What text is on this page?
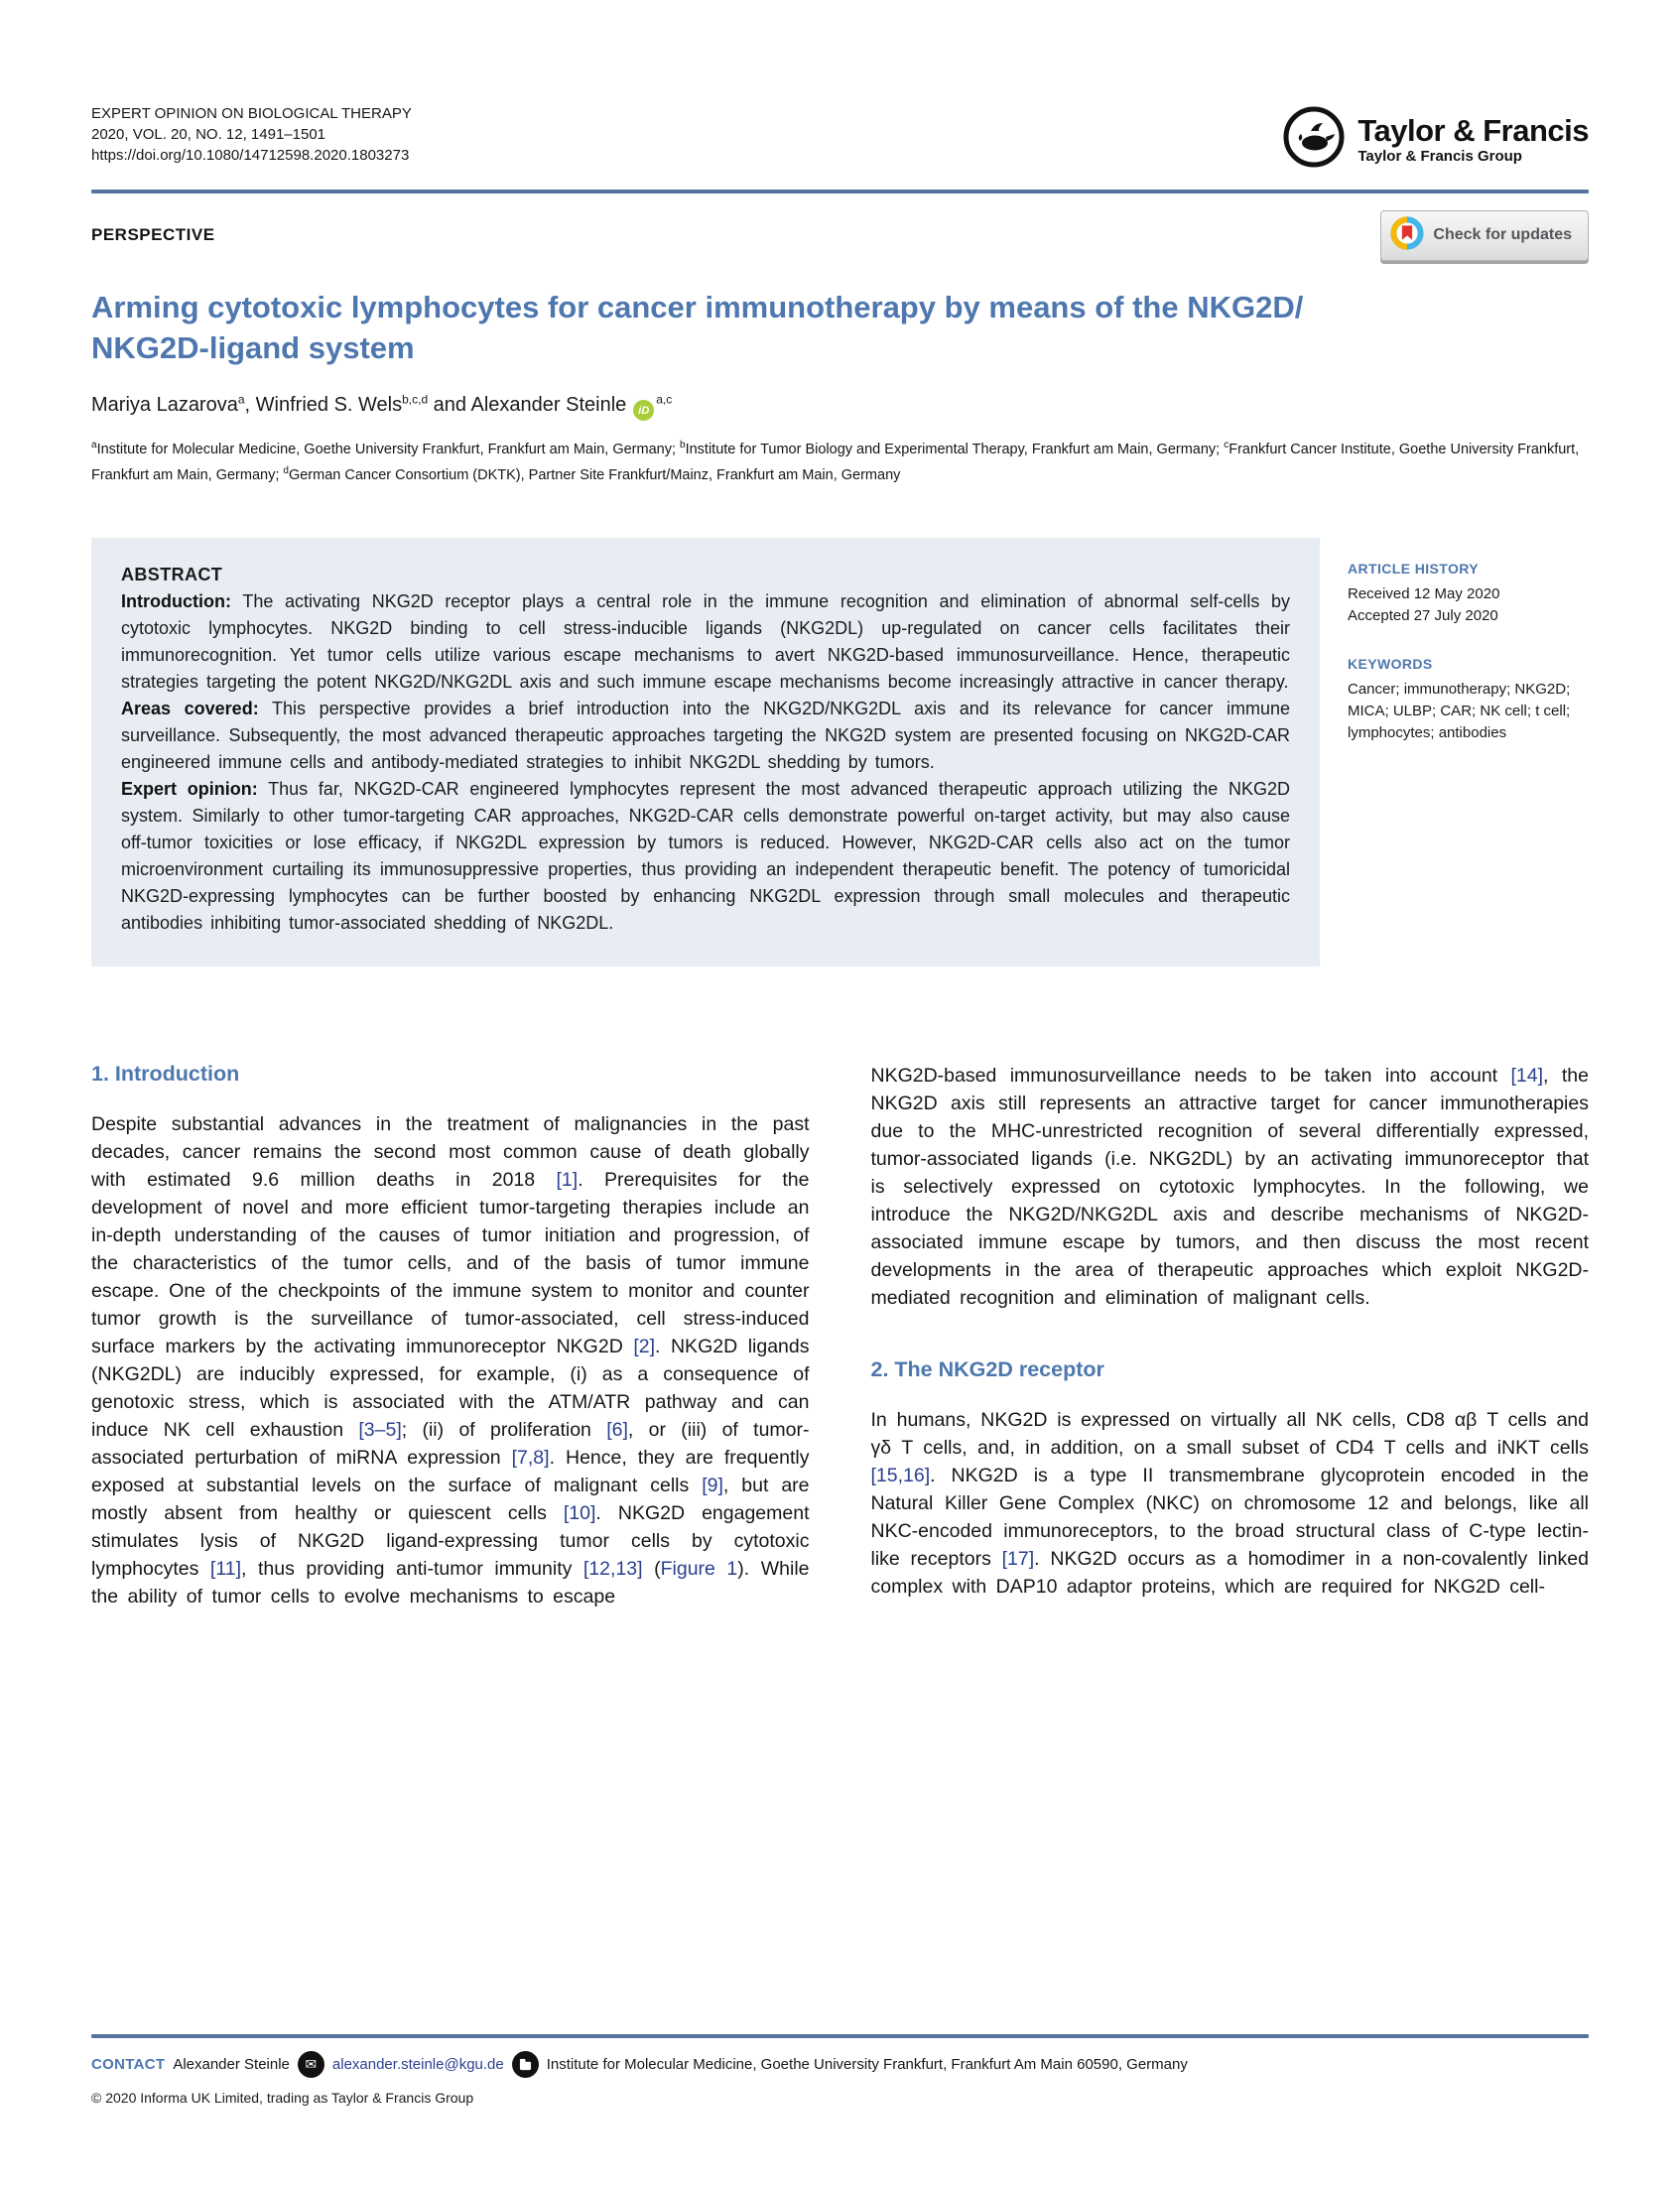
EXPERT OPINION ON BIOLOGICAL THERAPY
2020, VOL. 20, NO. 12, 1491–1501
https://doi.org/10.1080/14712598.2020.1803273
Taylor & Francis
Taylor & Francis Group
PERSPECTIVE	Check for updates
Arming cytotoxic lymphocytes for cancer immunotherapy by means of the NKG2D/
NKG2D-ligand system
Mariya Lazarova$^a$, Winfried S. Wels$^{b,c,d}$ and Alexander Steinle iD$^{a,c}$

$^a$Institute for Molecular Medicine, Goethe University Frankfurt, Frankfurt am Main, Germany; $^b$Institute for Tumor Biology and Experimental Therapy, Frankfurt am Main, Germany; $^c$Frankfurt Cancer Institute, Goethe University Frankfurt, Frankfurt am Main, Germany; $^d$German Cancer Consortium (DKTK), Partner Site Frankfurt/Mainz, Frankfurt am Main, Germany

ABSTRACT

Introduction: The activating NKG2D receptor plays a central role in the immune recognition and elimination of abnormal self-cells by cytotoxic lymphocytes. NKG2D binding to cell stress-inducible ligands (NKG2DL) up-regulated on cancer cells facilitates their immunorecognition. Yet tumor cells utilize various escape mechanisms to avert NKG2D-based immunosurveillance. Hence, therapeutic strategies targeting the potent NKG2D/NKG2DL axis and such immune escape mechanisms become increasingly attractive in cancer therapy.

Areas covered: This perspective provides a brief introduction into the NKG2D/NKG2DL axis and its relevance for cancer immune surveillance. Subsequently, the most advanced therapeutic approaches targeting the NKG2D system are presented focusing on NKG2D-CAR engineered immune cells and antibody-mediated strategies to inhibit NKG2DL shedding by tumors.

Expert opinion: Thus far, NKG2D-CAR engineered lymphocytes represent the most advanced therapeutic approach utilizing the NKG2D system. Similarly to other tumor-targeting CAR approaches, NKG2D-CAR cells demonstrate powerful on-target activity, but may also cause off-tumor toxicities or lose efficacy, if NKG2DL expression by tumors is reduced. However, NKG2D-CAR cells also act on the tumor microenvironment curtailing its immunosuppressive properties, thus providing an independent therapeutic benefit. The potency of tumoricidal NKG2D-expressing lymphocytes can be further boosted by enhancing NKG2DL expression through small molecules and therapeutic antibodies inhibiting tumor-associated shedding of NKG2DL.

ARTICLE HISTORY

Received 12 May 2020
Accepted 27 July 2020

KEYWORDS

Cancer; immunotherapy; NKG2D; MICA; ULBP; CAR; NK cell; t cell; lymphocytes; antibodies
1. Introduction

Despite substantial advances in the treatment of malignancies in the past decades, cancer remains the second most common cause of death globally with estimated 9.6 million deaths in 2018 [1]. Prerequisites for the development of novel and more efficient tumor-targeting therapies include an in-depth understanding of the causes of tumor initiation and progression, of the characteristics of the tumor cells, and of the basis of tumor immune escape. One of the checkpoints of the immune system to monitor and counter tumor growth is the surveillance of tumor-associated, cell stress-induced surface markers by the activating immunoreceptor NKG2D [2]. NKG2D ligands (NKG2DL) are inducibly expressed, for example, (i) as a consequence of genotoxic stress, which is associated with the ATM/ATR pathway and can induce NK cell exhaustion [3–5]; (ii) of proliferation [6], or (iii) of tumor-associated perturbation of miRNA expression [7,8]. Hence, they are frequently exposed at substantial levels on the surface of malignant cells [9], but are mostly absent from healthy or quiescent cells [10]. NKG2D engagement stimulates lysis of NKG2D ligand-expressing tumor cells by cytotoxic lymphocytes [11], thus providing anti-tumor immunity [12,13] (Figure 1). While the ability of tumor cells to evolve mechanisms to escape

NKG2D-based immunosurveillance needs to be taken into account [14], the NKG2D axis still represents an attractive target for cancer immunotherapies due to the MHC-unrestricted recognition of several differentially expressed, tumor-associated ligands (i.e. NKG2DL) by an activating immunoreceptor that is selectively expressed on cytotoxic lymphocytes. In the following, we introduce the NKG2D/NKG2DL axis and describe mechanisms of NKG2D-associated immune escape by tumors, and then discuss the most recent developments in the area of therapeutic approaches which exploit NKG2D-mediated recognition and elimination of malignant cells.

2. The NKG2D receptor

In humans, NKG2D is expressed on virtually all NK cells, CD8 αβ T cells and γδ T cells, and, in addition, on a small subset of CD4 T cells and iNKT cells [15,16]. NKG2D is a type II transmembrane glycoprotein encoded in the Natural Killer Gene Complex (NKC) on chromosome 12 and belongs, like all NKC-encoded immunoreceptors, to the broad structural class of C-type lectin-like receptors [17]. NKG2D occurs as a homodimer in a non-covalently linked complex with DAP10 adaptor proteins, which are required for NKG2D cell-

CONTACT Alexander Steinle	✉	alexander.steinle@kgu.de	Institute for Molecular Medicine, Goethe University Frankfurt, Frankfurt Am Main 60590, Germany
© 2020 Informa UK Limited, trading as Taylor & Francis Group
